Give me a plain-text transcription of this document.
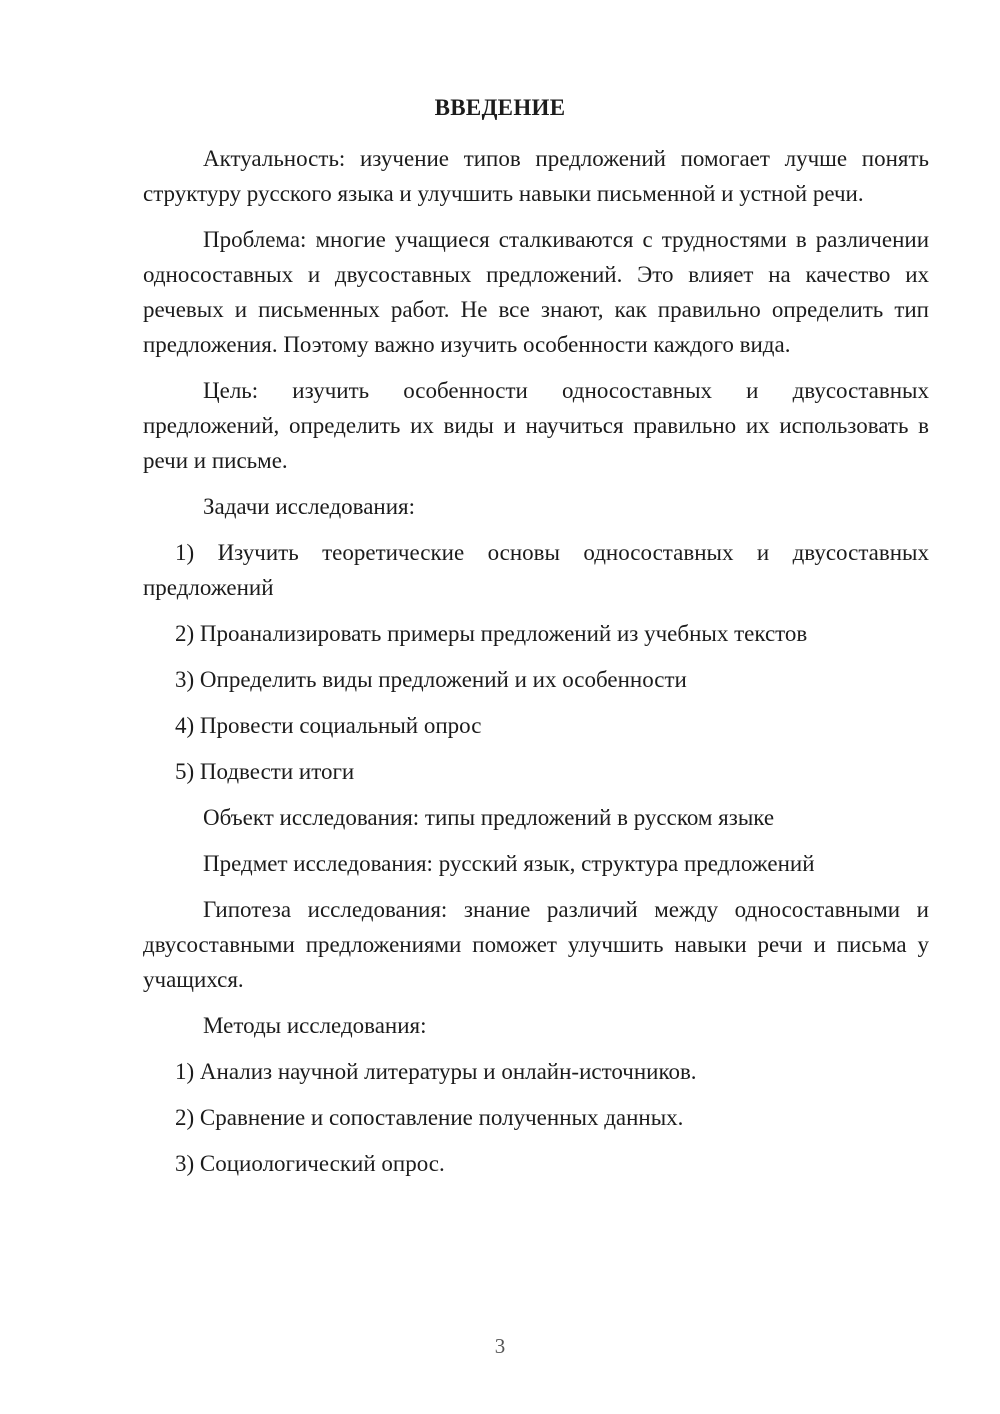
ВВЕДЕНИЕ

Актуальность: изучение типов предложений помогает лучше понять структуру русского языка и улучшить навыки письменной и устной речи.

Проблема: многие учащиеся сталкиваются с трудностями в различении односоставных и двусоставных предложений. Это влияет на качество их речевых и письменных работ. Не все знают, как правильно определить тип предложения. Поэтому важно изучить особенности каждого вида.

Цель: изучить особенности односоставных и двусоставных предложений, определить их виды и научиться правильно их использовать в речи и письме.

Задачи исследования:

1) Изучить теоретические основы односоставных и двусоставных предложений

2) Проанализировать примеры предложений из учебных текстов

3) Определить виды предложений и их особенности

4) Провести социальный опрос

5) Подвести итоги

Объект исследования: типы предложений в русском языке

Предмет исследования: русский язык, структура предложений

Гипотеза исследования: знание различий между односоставными и двусоставными предложениями поможет улучшить навыки речи и письма у учащихся.

Методы исследования:

1) Анализ научной литературы и онлайн-источников.

2) Сравнение и сопоставление полученных данных.

3) Социологический опрос.

3
